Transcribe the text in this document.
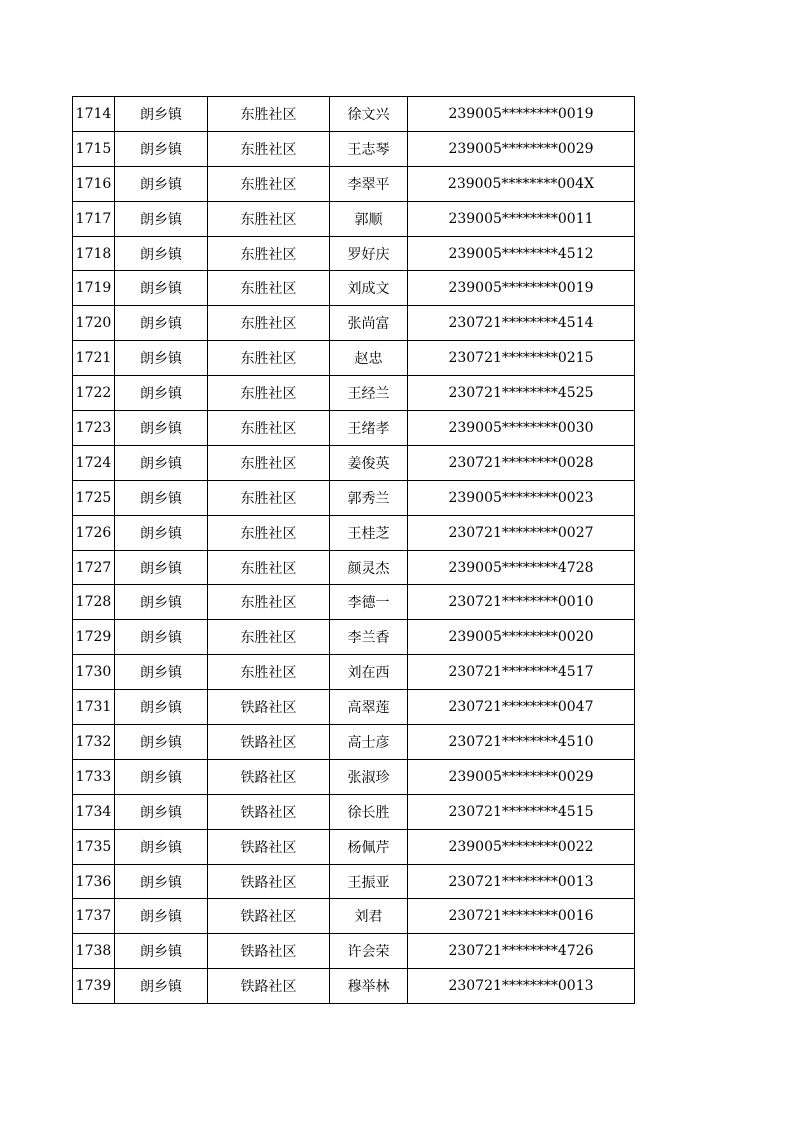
1714	朗乡镇	东胜社区	徐文兴	239005********0019
1715	朗乡镇	东胜社区	王志琴	239005********0029
1716	朗乡镇	东胜社区	李翠平	239005********004X
1717	朗乡镇	东胜社区	郭顺	239005********0011
1718	朗乡镇	东胜社区	罗好庆	239005********4512
1719	朗乡镇	东胜社区	刘成文	239005********0019
1720	朗乡镇	东胜社区	张尚富	230721********4514
1721	朗乡镇	东胜社区	赵忠	230721********0215
1722	朗乡镇	东胜社区	王经兰	230721********4525
1723	朗乡镇	东胜社区	王绪孝	239005********0030
1724	朗乡镇	东胜社区	姜俊英	230721********0028
1725	朗乡镇	东胜社区	郭秀兰	239005********0023
1726	朗乡镇	东胜社区	王桂芝	230721********0027
1727	朗乡镇	东胜社区	颜灵杰	239005********4728
1728	朗乡镇	东胜社区	李德一	230721********0010
1729	朗乡镇	东胜社区	李兰香	239005********0020
1730	朗乡镇	东胜社区	刘在西	230721********4517
1731	朗乡镇	铁路社区	高翠莲	230721********0047
1732	朗乡镇	铁路社区	高士彦	230721********4510
1733	朗乡镇	铁路社区	张淑珍	239005********0029
1734	朗乡镇	铁路社区	徐长胜	230721********4515
1735	朗乡镇	铁路社区	杨佩芹	239005********0022
1736	朗乡镇	铁路社区	王振亚	230721********0013
1737	朗乡镇	铁路社区	刘君	230721********0016
1738	朗乡镇	铁路社区	许会荣	230721********4726
1739	朗乡镇	铁路社区	穆举林	230721********0013
